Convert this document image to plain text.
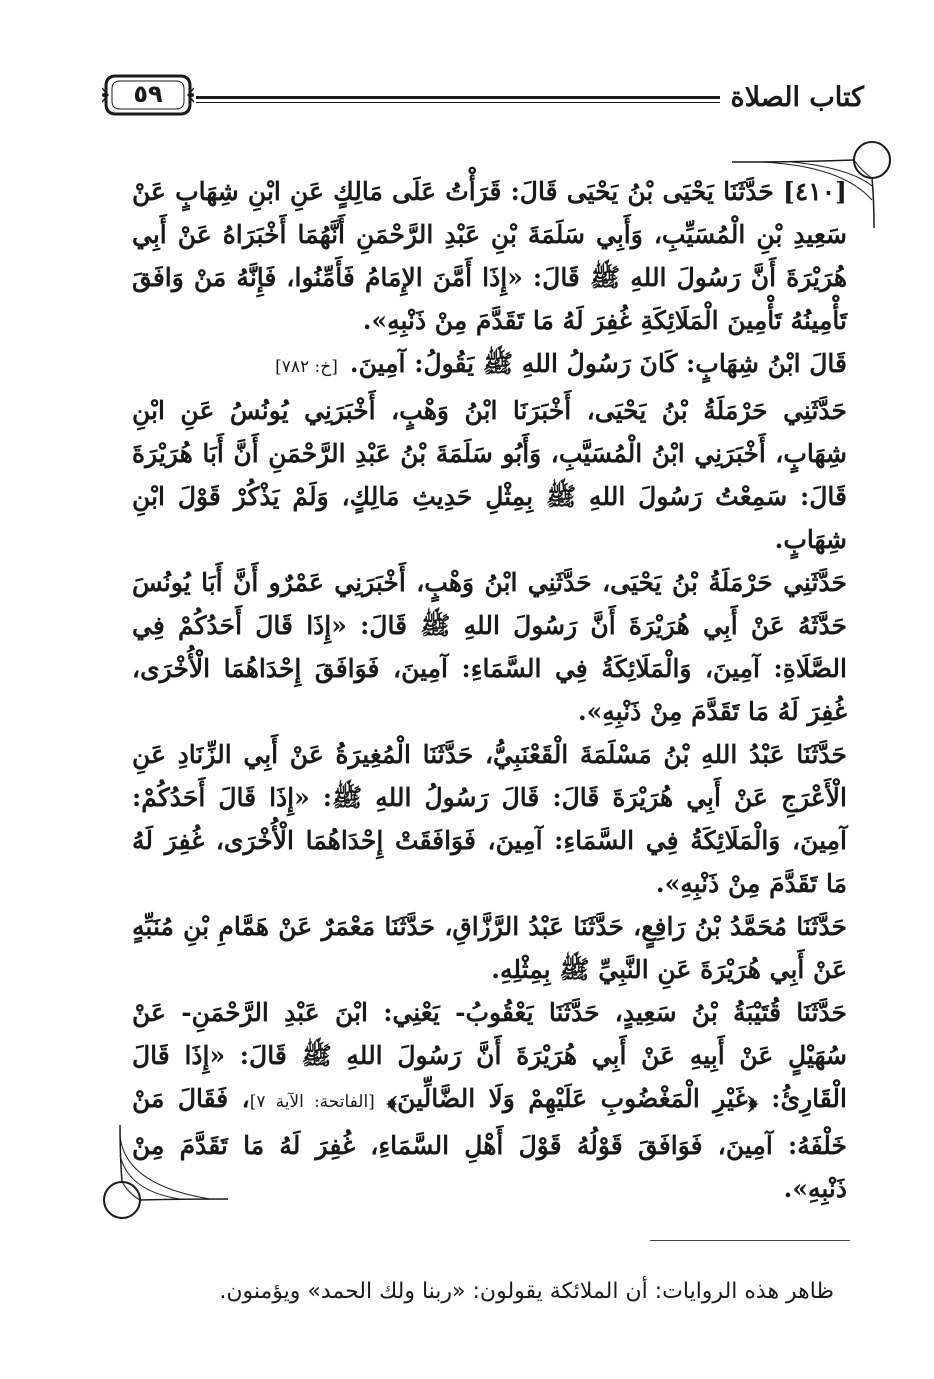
كتاب الصلاة
٥٩

[٤١٠] حَدَّثَنَا يَحْيَى بْنُ يَحْيَى قَالَ: قَرَأْتُ عَلَى مَالِكٍ عَنِ ابْنِ شِهَابٍ عَنْ سَعِيدِ بْنِ الْمُسَيِّبِ، وَأَبِي سَلَمَةَ بْنِ عَبْدِ الرَّحْمَنِ أَنَّهُمَا أَخْبَرَاهُ عَنْ أَبِي هُرَيْرَةَ أَنَّ رَسُولَ اللهِ ﷺ قَالَ: «إِذَا أَمَّنَ الإِمَامُ فَأَمِّنُوا، فَإِنَّهُ مَنْ وَافَقَ تَأْمِينُهُ تَأْمِينَ الْمَلَائِكَةِ غُفِرَ لَهُ مَا تَقَدَّمَ مِنْ ذَنْبِهِ».

قَالَ ابْنُ شِهَابٍ: كَانَ رَسُولُ اللهِ ﷺ يَقُولُ: آمِينَ.[خ: ٧٨٢]

حَدَّثَنِي حَرْمَلَةُ بْنُ يَحْيَى، أَخْبَرَنَا ابْنُ وَهْبٍ، أَخْبَرَنِي يُونُسُ عَنِ ابْنِ شِهَابٍ، أَخْبَرَنِي ابْنُ الْمُسَيَّبِ، وَأَبُو سَلَمَةَ بْنُ عَبْدِ الرَّحْمَنِ أَنَّ أَبَا هُرَيْرَةَ قَالَ: سَمِعْتُ رَسُولَ اللهِ ﷺ بِمِثْلِ حَدِيثِ مَالِكٍ، وَلَمْ يَذْكُرْ قَوْلَ ابْنِ شِهَابٍ.

حَدَّثَنِي حَرْمَلَةُ بْنُ يَحْيَى، حَدَّثَنِي ابْنُ وَهْبٍ، أَخْبَرَنِي عَمْرٌو أَنَّ أَبَا يُونُسَ حَدَّثَهُ عَنْ أَبِي هُرَيْرَةَ أَنَّ رَسُولَ اللهِ ﷺ قَالَ: «إِذَا قَالَ أَحَدُكُمْ فِي الصَّلَاةِ: آمِينَ، وَالْمَلَائِكَةُ فِي السَّمَاءِ: آمِينَ، فَوَافَقَ إِحْدَاهُمَا الْأُخْرَى، غُفِرَ لَهُ مَا تَقَدَّمَ مِنْ ذَنْبِهِ».

حَدَّثَنَا عَبْدُ اللهِ بْنُ مَسْلَمَةَ الْقَعْنَبِيُّ، حَدَّثَنَا الْمُغِيرَةُ عَنْ أَبِي الزِّنَادِ عَنِ الْأَعْرَجِ عَنْ أَبِي هُرَيْرَةَ قَالَ: قَالَ رَسُولُ اللهِ ﷺ: «إِذَا قَالَ أَحَدُكُمْ: آمِينَ، وَالْمَلَائِكَةُ فِي السَّمَاءِ: آمِينَ، فَوَافَقَتْ إِحْدَاهُمَا الْأُخْرَى، غُفِرَ لَهُ مَا تَقَدَّمَ مِنْ ذَنْبِهِ».

حَدَّثَنَا مُحَمَّدُ بْنُ رَافِعٍ، حَدَّثَنَا عَبْدُ الرَّزَّاقِ، حَدَّثَنَا مَعْمَرٌ عَنْ هَمَّامِ بْنِ مُنَبِّهٍ عَنْ أَبِي هُرَيْرَةَ عَنِ النَّبِيِّ ﷺ بِمِثْلِهِ.

حَدَّثَنَا قُتَيْبَةُ بْنُ سَعِيدٍ، حَدَّثَنَا يَعْقُوبُ- يَعْنِي: ابْنَ عَبْدِ الرَّحْمَنِ- عَنْ سُهَيْلٍ عَنْ أَبِيهِ عَنْ أَبِي هُرَيْرَةَ أَنَّ رَسُولَ اللهِ ﷺ قَالَ: «إِذَا قَالَ الْقَارِئُ: ﴿غَيْرِ الْمَغْضُوبِ عَلَيْهِمْ وَلَا الضَّالِّينَ﴾[الفاتحة: الآية ٧]، فَقَالَ مَنْ خَلْفَهُ: آمِينَ، فَوَافَقَ قَوْلُهُ قَوْلَ أَهْلِ السَّمَاءِ، غُفِرَ لَهُ مَا تَقَدَّمَ مِنْ ذَنْبِهِ».

ظاهر هذه الروايات: أن الملائكة يقولون: «ربنا ولك الحمد» ويؤمنون.
